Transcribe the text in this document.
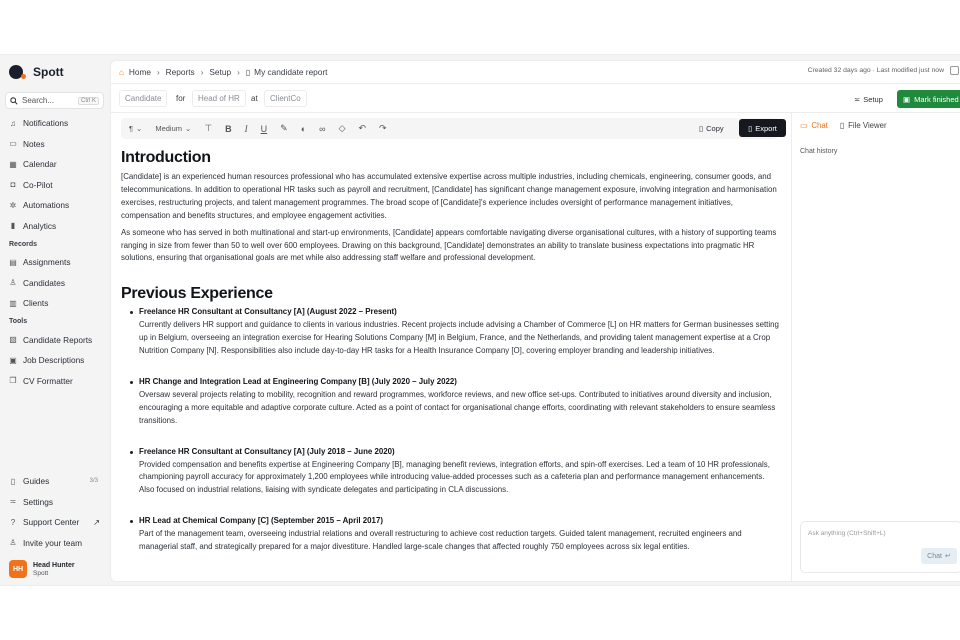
Spott
Search...	Ctrl K
♫ Notifications
▭ Notes
▦ Calendar
◘ Co-Pilot
✲ Automations
▮ Analytics
Records
▤ Assignments
♙ Candidates
▥ Clients
Tools
▧ Candidate Reports
▣ Job Descriptions
❐ CV Formatter
▯ Guides	3/3
≍ Settings
? Support Center ↗
♙ Invite your team
HH
Head Hunter
Spott
⌂ Home › Reports › Setup › ▯ My candidate report	Created 32 days ago · Last modified just now
Candidate	for	Head of HR	at	ClientCo	≍ Setup	▣ Mark finished
¶ ⌄ Medium ⌄ ⊤ B I U ✎ ◐ ∞ ◇ ↶ ↷	▯ Copy	▯ Export
Introduction

[Candidate] is an experienced human resources professional who has accumulated extensive expertise across multiple industries, including chemicals, engineering, consumer goods, and telecommunications. In addition to operational HR tasks such as payroll and recruitment, [Candidate] has significant change management exposure, involving integration and harmonisation exercises, restructuring projects, and talent management programmes. The broad scope of [Candidate]'s experience includes oversight of performance management initiatives, compensation and benefits structures, and employee engagement activities.

As someone who has served in both multinational and start-up environments, [Candidate] appears comfortable navigating diverse organisational cultures, with a history of supporting teams ranging in size from fewer than 50 to well over 600 employees. Drawing on this background, [Candidate] demonstrates an ability to translate business expectations into pragmatic HR solutions, ensuring that organisational goals are met while also addressing staff welfare and professional development.

Previous Experience
Freelance HR Consultant at Consultancy [A] (August 2022 – Present)

Currently delivers HR support and guidance to clients in various industries. Recent projects include advising a Chamber of Commerce [L] on HR matters for German businesses setting up in Belgium, overseeing an integration exercise for Hearing Solutions Company [M] in Belgium, France, and the Netherlands, and providing talent management expertise at a Crop Nutrition Company [N]. Responsibilities also include day-to-day HR tasks for a Health Insurance Company [O], covering employer branding and leadership initiatives.

HR Change and Integration Lead at Engineering Company [B] (July 2020 – July 2022)

Oversaw several projects relating to mobility, recognition and reward programmes, workforce reviews, and new office set-ups. Contributed to initiatives around diversity and inclusion, encouraging a more equitable and adaptive corporate culture. Acted as a point of contact for organisational change efforts, coordinating with relevant stakeholders to ensure seamless transitions.

Freelance HR Consultant at Consultancy [A] (July 2018 – June 2020)

Provided compensation and benefits expertise at Engineering Company [B], managing benefit reviews, integration efforts, and spin-off exercises. Led a team of 10 HR professionals, championing payroll accuracy for approximately 1,200 employees while introducing value-added processes such as a cafeteria plan and performance management enhancements. Also focused on industrial relations, liaising with syndicate delegates and participating in CLA discussions.

HR Lead at Chemical Company [C] (September 2015 – April 2017)

Part of the management team, overseeing industrial relations and overall restructuring to achieve cost reduction targets. Guided talent management, recruited engineers and managerial staff, and strategically prepared for a major divestiture. Handled large-scale changes that affected roughly 750 employees across six legal entities.

▭ Chat ▯ File Viewer
Chat history
Ask anything (Ctrl+Shift+L)
Chat ↵
